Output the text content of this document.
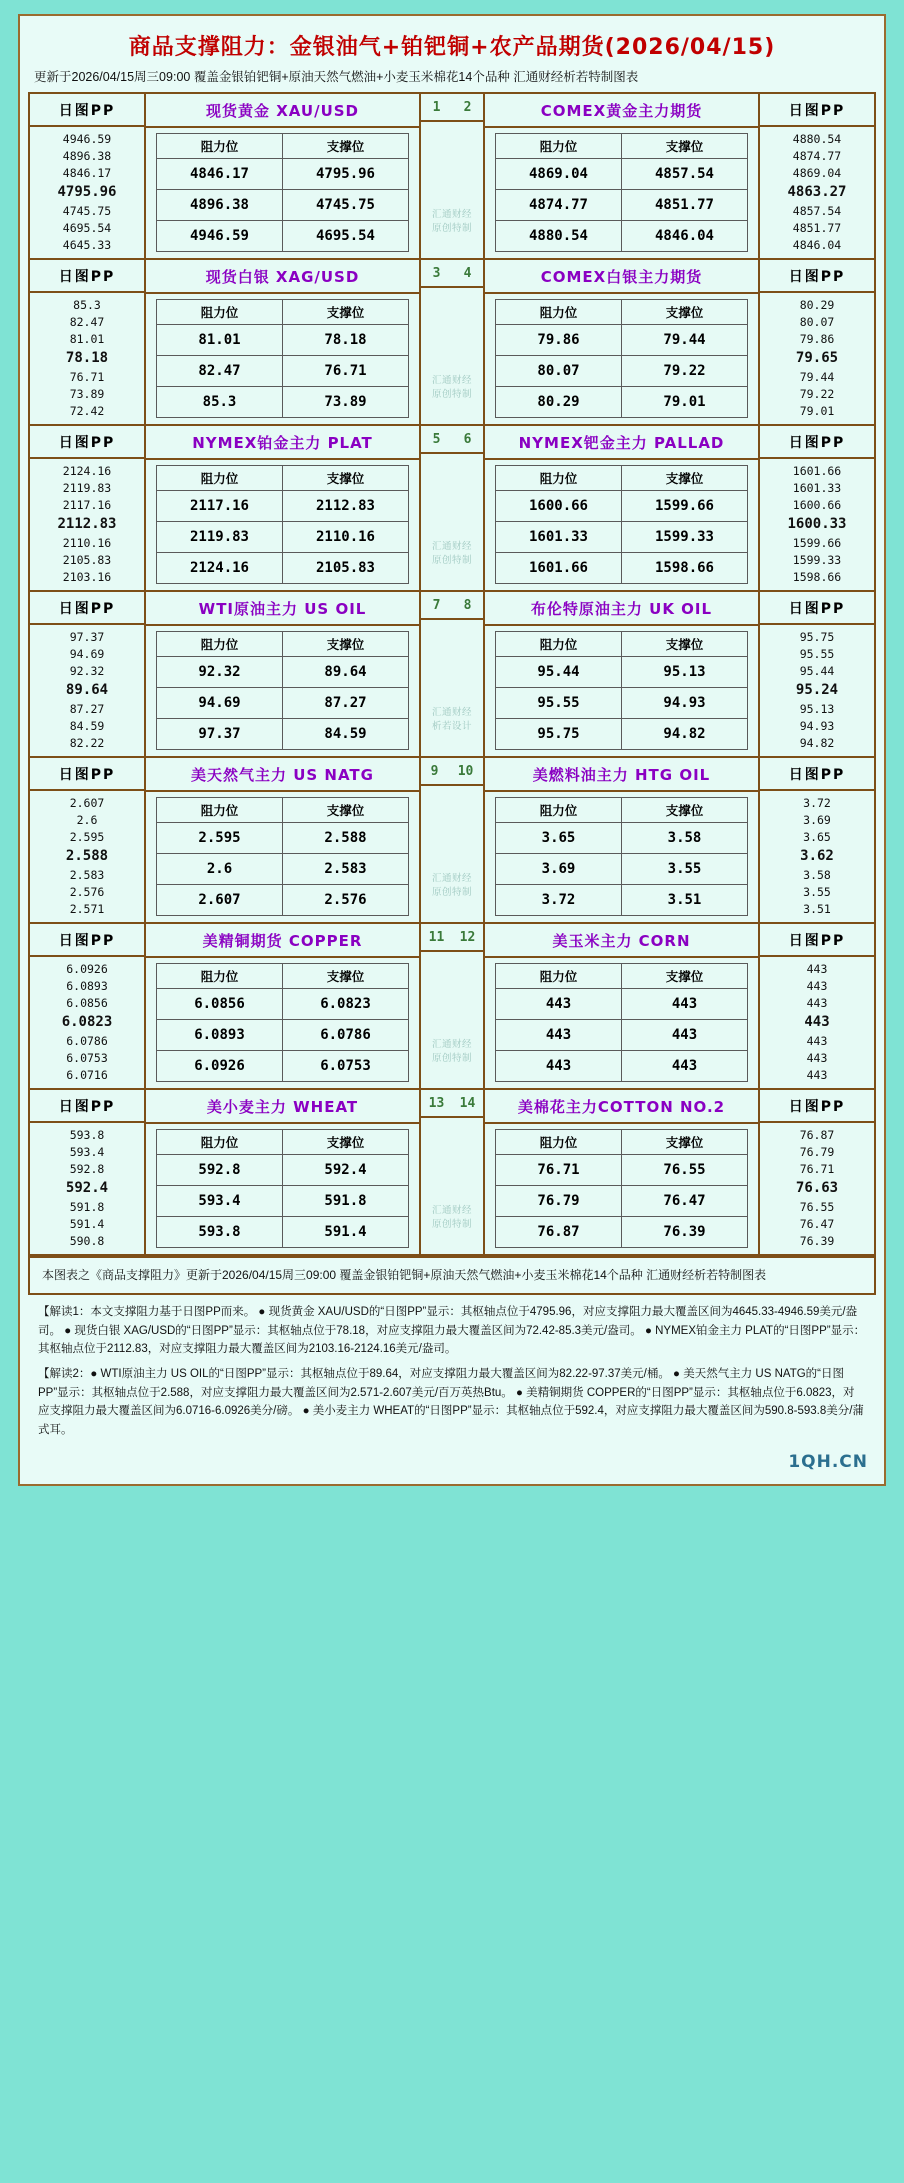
商品支撑阻力：金银油气+铂钯铜+农产品期货(2026/04/15)
更新于2026/04/15周三09:00 覆盖金银铂钯铜+原油天然气燃油+小麦玉米棉花14个品种 汇通财经析若特制图表
日图PP
4946.59
4896.38
4846.17
4795.96
4745.75
4695.54
4645.33
现货黄金 XAU/USD
阻力位	支撑位
4846.17	4795.96
4896.38	4745.75
4946.59	4695.54
1 2
汇通财经
原创特制
COMEX黄金主力期货
阻力位	支撑位
4869.04	4857.54
4874.77	4851.77
4880.54	4846.04
日图PP
4880.54
4874.77
4869.04
4863.27
4857.54
4851.77
4846.04
日图PP
85.3
82.47
81.01
78.18
76.71
73.89
72.42
现货白银 XAG/USD
阻力位	支撑位
81.01	78.18
82.47	76.71
85.3	73.89
3 4
汇通财经
原创特制
COMEX白银主力期货
阻力位	支撑位
79.86	79.44
80.07	79.22
80.29	79.01
日图PP
80.29
80.07
79.86
79.65
79.44
79.22
79.01
日图PP
2124.16
2119.83
2117.16
2112.83
2110.16
2105.83
2103.16
NYMEX铂金主力 PLAT
阻力位	支撑位
2117.16	2112.83
2119.83	2110.16
2124.16	2105.83
5 6
汇通财经
原创特制
NYMEX钯金主力 PALLAD
阻力位	支撑位
1600.66	1599.66
1601.33	1599.33
1601.66	1598.66
日图PP
1601.66
1601.33
1600.66
1600.33
1599.66
1599.33
1598.66
日图PP
97.37
94.69
92.32
89.64
87.27
84.59
82.22
WTI原油主力 US OIL
阻力位	支撑位
92.32	89.64
94.69	87.27
97.37	84.59
7 8
汇通财经
析若设计
布伦特原油主力 UK OIL
阻力位	支撑位
95.44	95.13
95.55	94.93
95.75	94.82
日图PP
95.75
95.55
95.44
95.24
95.13
94.93
94.82
日图PP
2.607
2.6
2.595
2.588
2.583
2.576
2.571
美天然气主力 US NATG
阻力位	支撑位
2.595	2.588
2.6	2.583
2.607	2.576
9 10
汇通财经
原创特制
美燃料油主力 HTG OIL
阻力位	支撑位
3.65	3.58
3.69	3.55
3.72	3.51
日图PP
3.72
3.69
3.65
3.62
3.58
3.55
3.51
日图PP
6.0926
6.0893
6.0856
6.0823
6.0786
6.0753
6.0716
美精铜期货 COPPER
阻力位	支撑位
6.0856	6.0823
6.0893	6.0786
6.0926	6.0753
11 12
汇通财经
原创特制
美玉米主力 CORN
阻力位	支撑位
443	443
443	443
443	443
日图PP
443
443
443
443
443
443
443
日图PP
593.8
593.4
592.8
592.4
591.8
591.4
590.8
美小麦主力 WHEAT
阻力位	支撑位
592.8	592.4
593.4	591.8
593.8	591.4
13 14
汇通财经
原创特制
美棉花主力COTTON NO.2
阻力位	支撑位
76.71	76.55
76.79	76.47
76.87	76.39
日图PP
76.87
76.79
76.71
76.63
76.55
76.47
76.39
本图表之《商品支撑阻力》更新于2026/04/15周三09:00 覆盖金银铂钯铜+原油天然气燃油+小麦玉米棉花14个品种 汇通财经析若特制图表

【解读1：本文支撑阻力基于日图PP而来。 ● 现货黄金 XAU/USD的“日图PP”显示：其枢轴点位于4795.96，对应支撑阻力最大覆盖区间为4645.33-4946.59美元/盎司。 ● 现货白银 XAG/USD的“日图PP”显示：其枢轴点位于78.18，对应支撑阻力最大覆盖区间为72.42-85.3美元/盎司。 ● NYMEX铂金主力 PLAT的“日图PP”显示：其枢轴点位于2112.83，对应支撑阻力最大覆盖区间为2103.16-2124.16美元/盎司。

【解读2：● WTI原油主力 US OIL的“日图PP”显示：其枢轴点位于89.64，对应支撑阻力最大覆盖区间为82.22-97.37美元/桶。 ● 美天然气主力 US NATG的“日图PP”显示：其枢轴点位于2.588，对应支撑阻力最大覆盖区间为2.571-2.607美元/百万英热Btu。 ● 美精铜期货 COPPER的“日图PP”显示：其枢轴点位于6.0823，对应支撑阻力最大覆盖区间为6.0716-6.0926美分/磅。 ● 美小麦主力 WHEAT的“日图PP”显示：其枢轴点位于592.4，对应支撑阻力最大覆盖区间为590.8-593.8美分/蒲式耳。

1QH.CN
